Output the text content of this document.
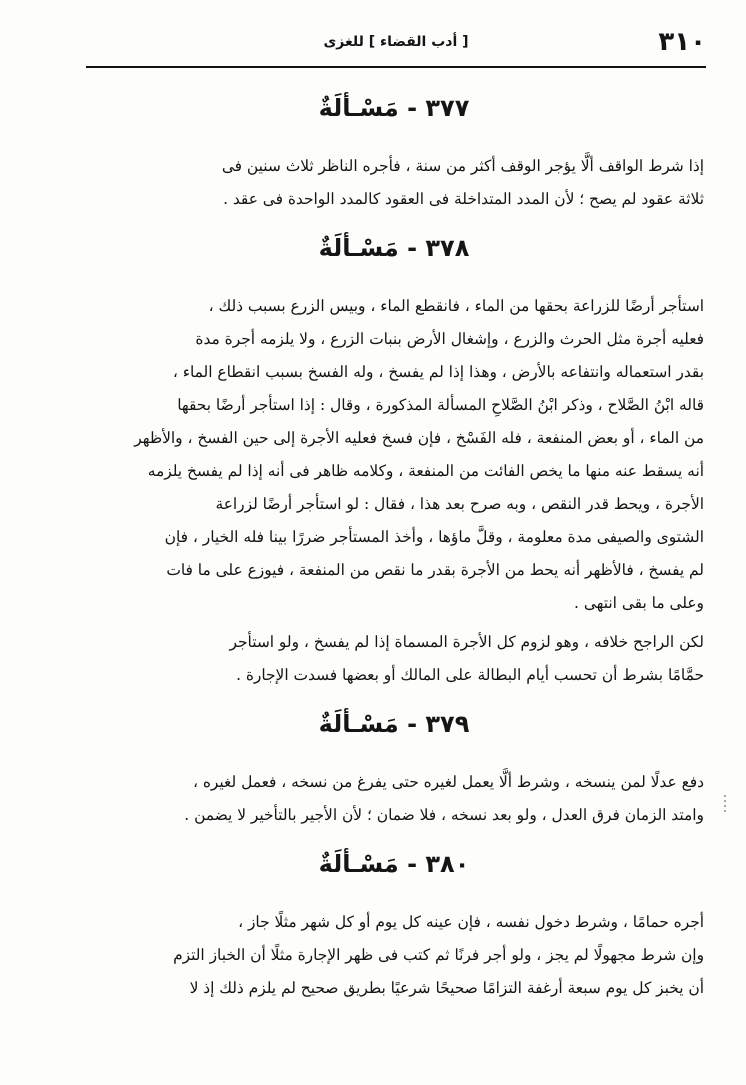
٣١٠
[ أدب القضاء ] للغزى
٣٧٧ - مَسْـألَةٌ
إذا شرط الواقف ألَّا يؤجر الوقف أكثر من سنة ، فأجره الناظر ثلاث سنين فى
ثلاثة عقود لم يصح ؛ لأن المدد المتداخلة فى العقود كالمدد الواحدة فى عقد .
٣٧٨ - مَسْـألَةٌ
استأجر أرضًا للزراعة بحقها من الماء ، فانقطع الماء ، وبيس الزرع بسبب ذلك ،
فعليه أجرة مثل الحرث والزرع ، وإشغال الأرض بنبات الزرع ، ولا يلزمه أجرة مدة
بقدر استعماله وانتفاعه بالأرض ، وهذا إذا لم يفسخ ، وله الفسخ بسبب انقطاع الماء ،
قاله ابْنُ الصَّلاح ، وذكر ابْنُ الصَّلاحِ المسألة المذكورة ، وقال : إذا استأجر أرضًا بحقها
من الماء ، أو بعض المنفعة ، فله الفَسْخ ، فإن فسخ فعليه الأجرة إلى حين الفسخ ، والأظهر
أنه يسقط عنه منها ما يخص الفائت من المنفعة ، وكلامه ظاهر فى أنه إذا لم يفسخ يلزمه
الأجرة ، ويحط قدر النقص ، وبه صرح بعد هذا ، فقال : لو استأجر أرضًا لزراعة
الشتوى والصيفى مدة معلومة ، وقلَّ ماؤها ، وأخذ المستأجر ضررًا بينا فله الخيار ، فإن
لم يفسخ ، فالأظهر أنه يحط من الأجرة بقدر ما نقص من المنفعة ، فيوزع على ما فات
وعلى ما بقى انتهى .
لكن الراجح خلافه ، وهو لزوم كل الأجرة المسماة إذا لم يفسخ ، ولو استأجر
حمَّامًا بشرط أن تحسب أيام البطالة على المالك أو بعضها فسدت الإجارة .
٣٧٩ - مَسْـألَةٌ
دفع عدلًا لمن ينسخه ، وشرط ألَّا يعمل لغيره حتى يفرغ من نسخه ، فعمل لغيره ،
وامتد الزمان فرق العدل ، ولو بعد نسخه ، فلا ضمان ؛ لأن الأجير بالتأخير لا يضمن .
٣٨٠ - مَسْـألَةٌ
أجره حمامًا ، وشرط دخول نفسه ، فإن عينه كل يوم أو كل شهر مثلًا جاز ،
وإن شرط مجهولًا لم يجز ، ولو أجر فرنًا ثم كتب فى ظهر الإجارة مثلًا أن الخباز التزم
أن يخبز كل يوم سبعة أرغفة التزامًا صحيحًا شرعيًا بطريق صحيح لم يلزم ذلك إذ لا
